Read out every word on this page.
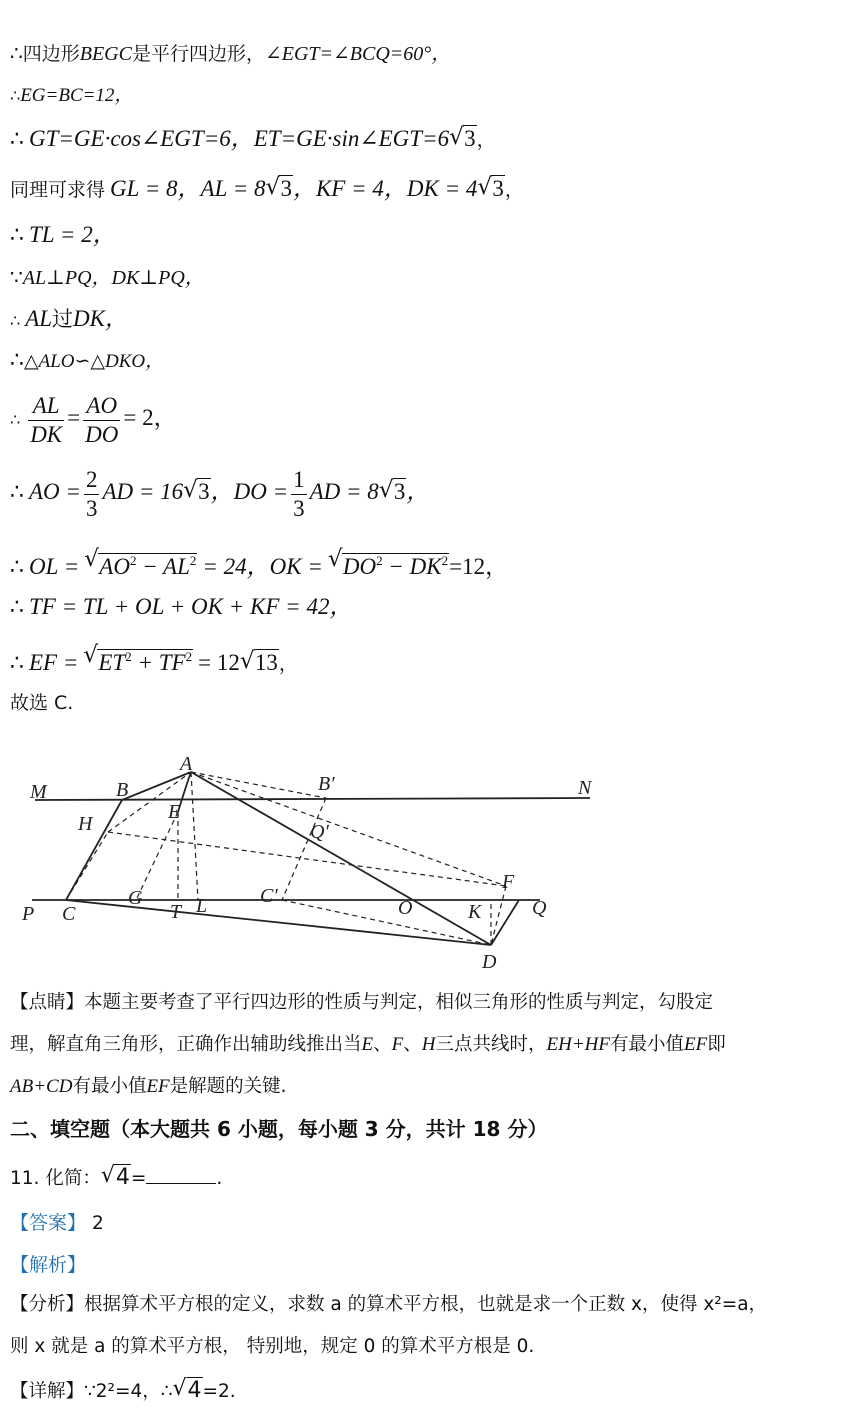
∴四边形BEGC是平行四边形，∠EGT=∠BCQ=60°，
∴EG=BC=12，
∴ GT=GE·cos∠EGT=6，ET=GE·sin∠EGT=6 √ 3，
同理可求得 GL = 8，AL = 8 √ 3，KF = 4，DK = 4 √ 3，
∴ TL = 2，
∵AL⊥PQ，DK⊥PQ，
∴ AL过DK，
∴△ALO∽△DKO，
∴ $\frac{AL}{DK} = \frac{AO}{DO} = 2$，
∴ AO = $\frac{2}{3}$ AD = 16 √ 3，DO = $\frac{1}{3}$ AD = 8 √ 3，
∴ OL = √ $AO^2 - AL^2 = 24$，OK = √ $DO^2 - DK^2=12$，
∴ TF = TL + OL + OK + KF = 42，
∴ EF = √ $ET^2 + TF^2 = 12$ √ 13，
故选 C.
M	B
A
B′	N
H
E
Q′
G
T L	C′
O
F
K
P C	Q
D
【点睛】本题主要考查了平行四边形的性质与判定，相似三角形的性质与判定，勾股定
理，解直角三角形，正确作出辅助线推出当E、F、H三点共线时，EH+HF有最小值EF即
AB+CD有最小值EF是解题的关键.
二、填空题（本大题共 6 小题，每小题 3 分，共计 18 分）
11. 化简： √ 4=	.
【答案】 2
【解析】
【分析】根据算术平方根的定义，求数 a 的算术平方根，也就是求一个正数 x，使得 x²=a，
则 x 就是 a 的算术平方根， 特别地，规定 0 的算术平方根是 0.
【详解】∵2²=4，∴ √ 4=2.
